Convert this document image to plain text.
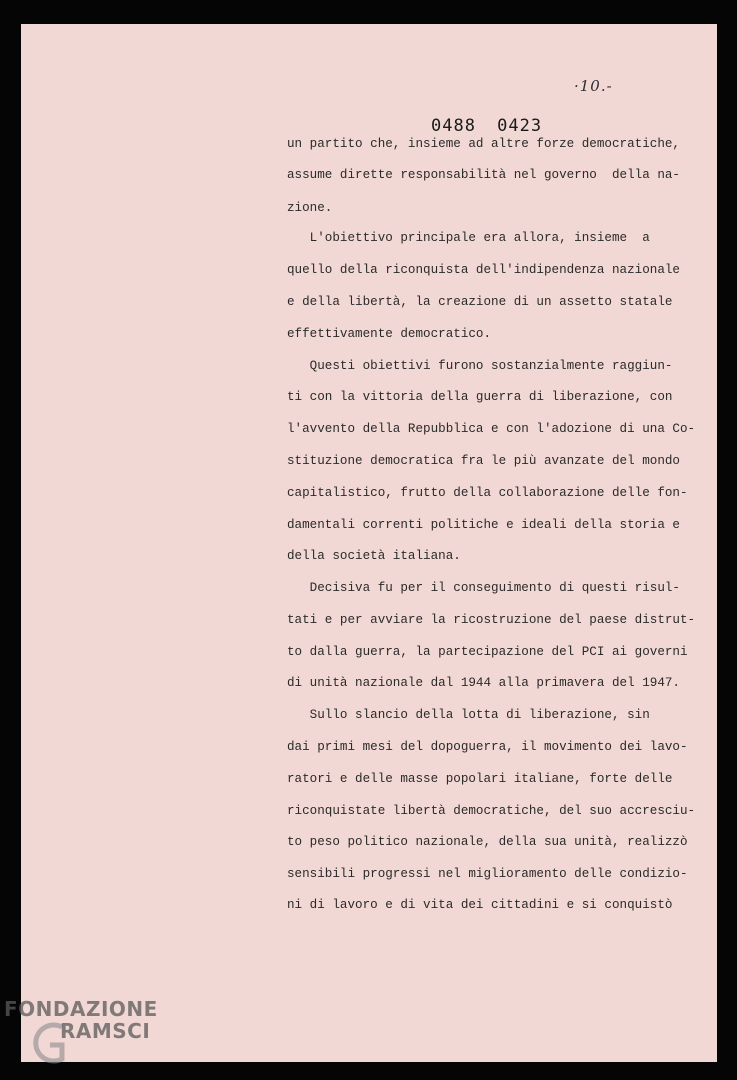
·10.-
0488 0423
un partito che, insieme ad altre forze democratiche,
assume dirette responsabilità nel governo  della na-
zione.
L'obiettivo principale era allora, insieme  a
quello della riconquista dell'indipendenza nazionale
e della libertà, la creazione di un assetto statale
effettivamente democratico.
Questi obiettivi furono sostanzialmente raggiun-
ti con la vittoria della guerra di liberazione, con
l'avvento della Repubblica e con l'adozione di una Co-
stituzione democratica fra le più avanzate del mondo
capitalistico, frutto della collaborazione delle fon-
damentali correnti politiche e ideali della storia e
della società italiana.
Decisiva fu per il conseguimento di questi risul-
tati e per avviare la ricostruzione del paese distrut-
to dalla guerra, la partecipazione del PCI ai governi
di unità nazionale dal 1944 alla primavera del 1947.
Sullo slancio della lotta di liberazione, sin
dai primi mesi del dopoguerra, il movimento dei lavo-
ratori e delle masse popolari italiane, forte delle
riconquistate libertà democratiche, del suo accresciu-
to peso politico nazionale, della sua unità, realizzò
sensibili progressi nel miglioramento delle condizio-
ni di lavoro e di vita dei cittadini e si conquistò
FONDAZIONE
RAMSCI
